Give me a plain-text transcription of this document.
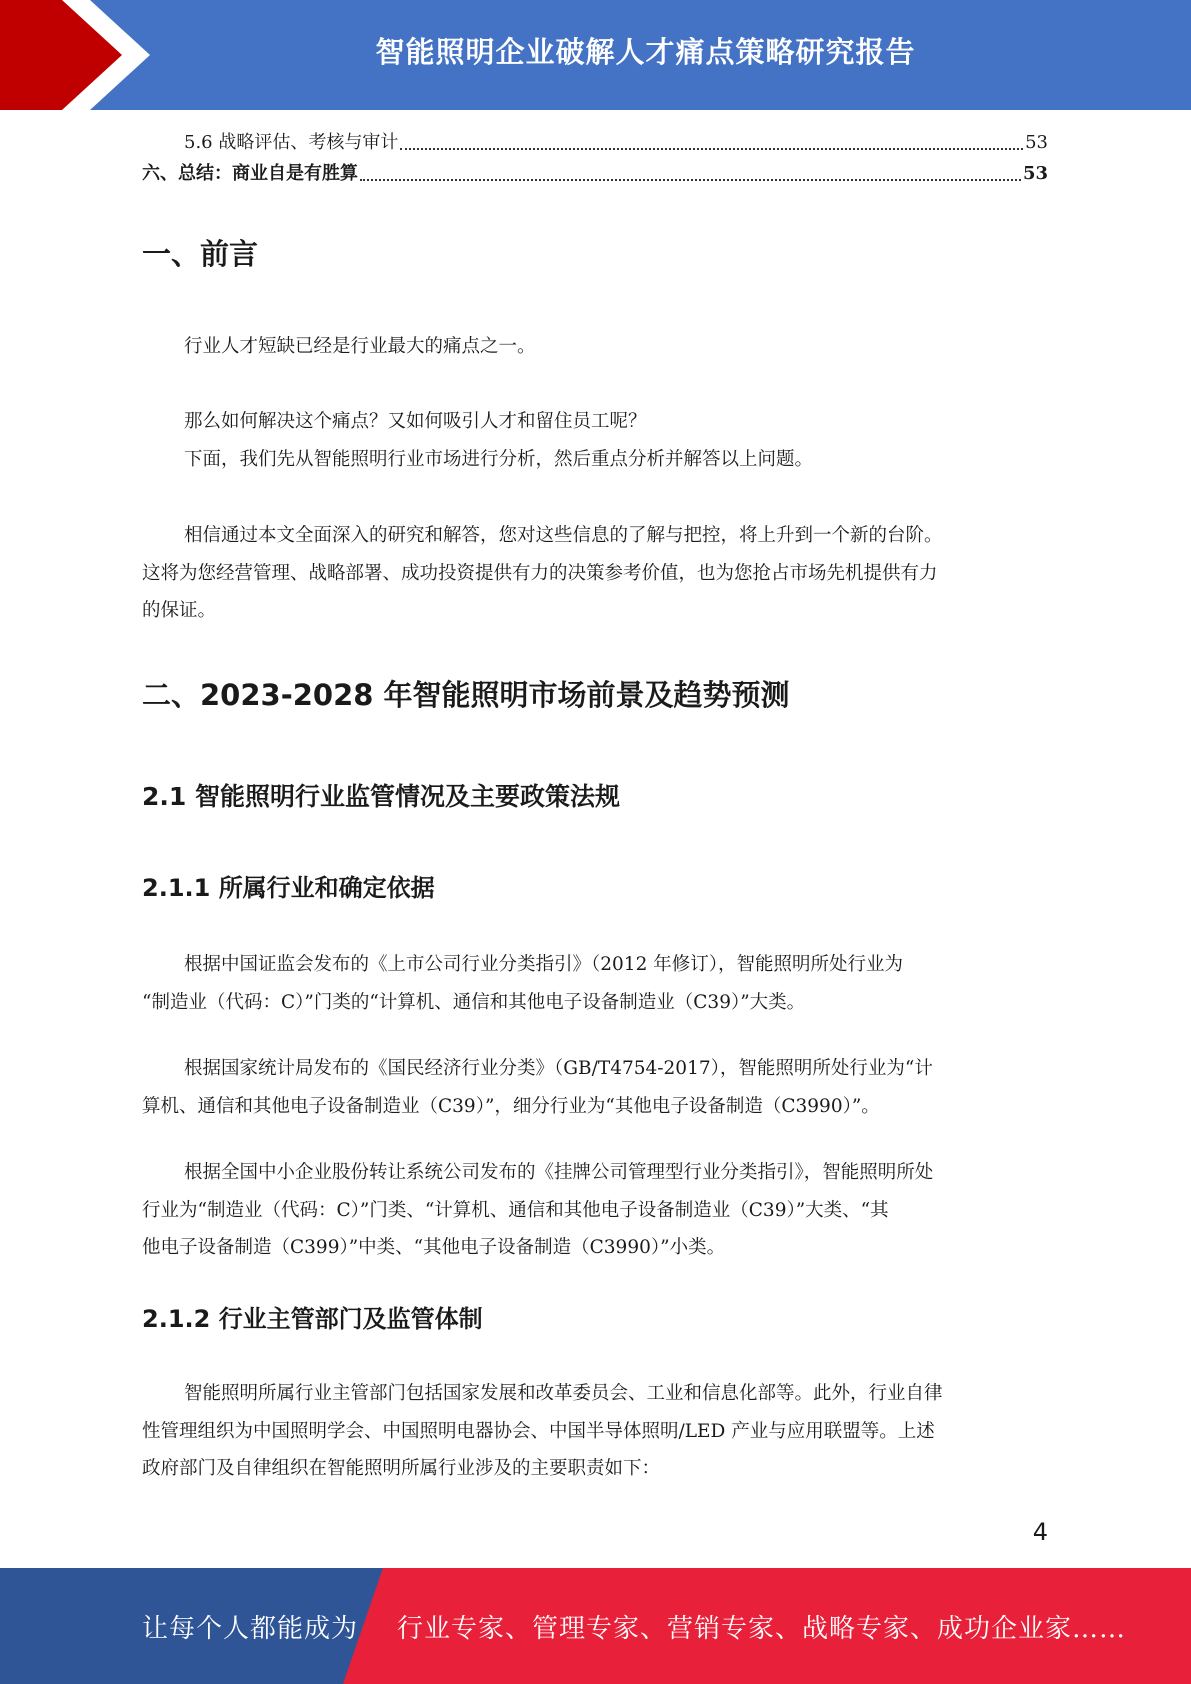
智能照明企业破解人才痛点策略研究报告
5.6 战略评估、考核与审计	53
六、总结：商业自是有胜算	53
一、前言
行业人才短缺已经是行业最大的痛点之一。
那么如何解决这个痛点？又如何吸引人才和留住员工呢？
下面，我们先从智能照明行业市场进行分析，然后重点分析并解答以上问题。
相信通过本文全面深入的研究和解答，您对这些信息的了解与把控，将上升到一个新的台阶。
这将为您经营管理、战略部署、成功投资提供有力的决策参考价值，也为您抢占市场先机提供有力
的保证。
二、2023-2028 年智能照明市场前景及趋势预测
2.1 智能照明行业监管情况及主要政策法规
2.1.1 所属行业和确定依据
根据中国证监会发布的《上市公司行业分类指引》（2012 年修订），智能照明所处行业为
“制造业（代码：C）”门类的“计算机、通信和其他电子设备制造业（C39）”大类。
根据国家统计局发布的《国民经济行业分类》（GB/T4754-2017），智能照明所处行业为“计
算机、通信和其他电子设备制造业（C39）”，细分行业为“其他电子设备制造（C3990）”。
根据全国中小企业股份转让系统公司发布的《挂牌公司管理型行业分类指引》，智能照明所处
行业为“制造业（代码：C）”门类、“计算机、通信和其他电子设备制造业（C39）”大类、“其
他电子设备制造（C399）”中类、“其他电子设备制造（C3990）”小类。
2.1.2 行业主管部门及监管体制
智能照明所属行业主管部门包括国家发展和改革委员会、工业和信息化部等。此外，行业自律
性管理组织为中国照明学会、中国照明电器协会、中国半导体照明/LED 产业与应用联盟等。上述
政府部门及自律组织在智能照明所属行业涉及的主要职责如下：
4
让每个人都能成为 行业专家、管理专家、营销专家、战略专家、成功企业家……
